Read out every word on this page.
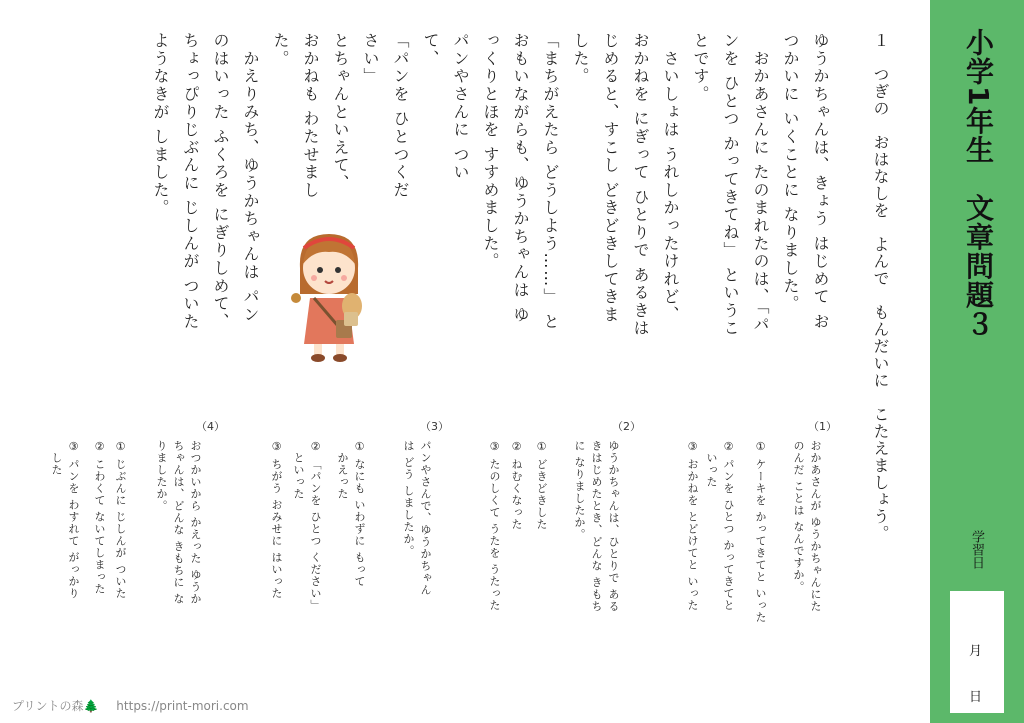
小学1年生　文章問題３
学習日
月
日
１　つぎの　おはなしを　よんで　もんだいに　こたえましょう。
ゆうかちゃんは、きょう はじめて お
つかいに いくことに なりました。
　おかあさんに たのまれたのは、「パ
ンを ひとつ かってきてね」 というこ
とです。
　さいしょは うれしかったけれど、
おかねを にぎって ひとりで あるきは
じめると、すこし どきどきしてきま
した。
「まちがえたら どうしよう……」 と
おもいながらも、ゆうかちゃんは ゆ
っくりとほを すすめました。
パンやさんに つい
て、
「パンを ひとつくだ
さい」
とちゃんといえて、
おかねも わたせまし
た。
　かえりみち、ゆうかちゃんは パン
のはいった ふくろを にぎりしめて、
ちょっぴりじぶんに じしんが ついた
ようなきが しました。
（1）
おかあさんが ゆうかちゃんにた
のんだ ことは なんですか。
① ケーキを かってきてと いった
② パンを ひとつ かってきてと
　いった
③ おかねを とどけてと いった
（2）
ゆうかちゃんは、ひとりで ある
きはじめたとき、どんな きもち
に なりましたか。
① どきどきした
② ねむくなった
③ たのしくて うたを うたった
（3）
パンやさんで、ゆうかちゃん
は どう しましたか。
① なにも いわずに もって
　かえった
② 「パンを ひとつ ください」
　といった
③ ちがう おみせに はいった
（4）
おつかいから かえった ゆうか
ちゃんは、どんな きもちに な
りましたか。
① じぶんに じしんが ついた
② こわくて ないてしまった
③ パンを わすれて がっかり
　した
プリントの森🌲 https://print-mori.com
